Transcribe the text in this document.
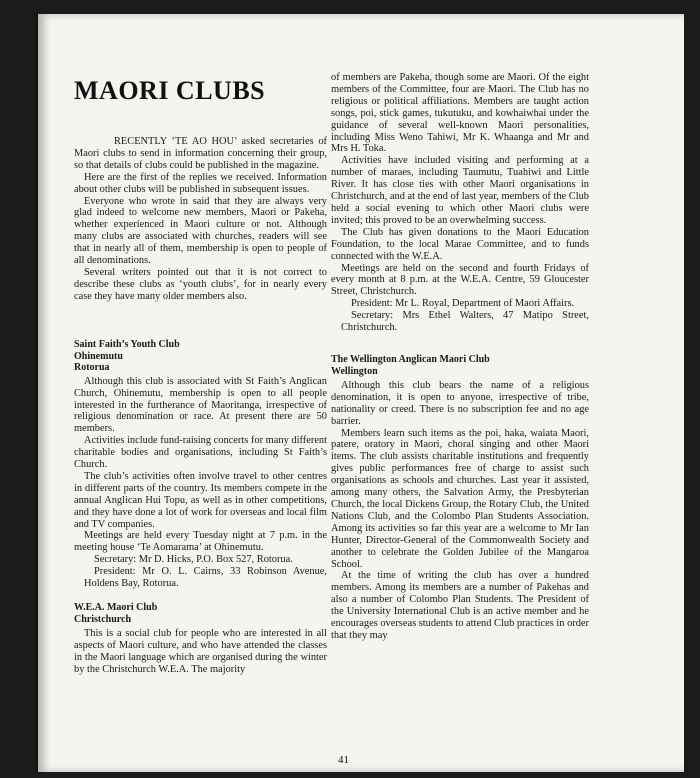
MAORI CLUBS

RECENTLY ‘TE AO HOU’ asked secretaries of Maori clubs to send in information concerning their group, so that details of clubs could be published in the magazine.

Here are the first of the replies we received. Information about other clubs will be published in subsequent issues.

Everyone who wrote in said that they are always very glad indeed to welcome new members, Maori or Pakeha, whether experienced in Maori culture or not. Although many clubs are associated with churches, readers will see that in nearly all of them, membership is open to people of all denominations.

Several writers pointed out that it is not correct to describe these clubs as ‘youth clubs’, for in nearly every case they have many older members also.

Saint Faith’s Youth Club
Ohinemutu
Rotorua

Although this club is associated with St Faith’s Anglican Church, Ohinemutu, membership is open to all people interested in the furtherance of Maoritanga, irrespective of religious denomination or race. At present there are 50 members.

Activities include fund-raising concerts for many different charitable bodies and organisations, including St Faith’s Church.

The club’s activities often involve travel to other centres in different parts of the country. Its members compete in the annual Anglican Hui Topu, as well as in other competitions, and they have done a lot of work for overseas and local film and TV companies.

Meetings are held every Tuesday night at 7 p.m. in the meeting house ‘Te Aomarama’ at Ohinemutu.

Secretary: Mr D. Hicks, P.O. Box 527, Rotorua.

President: Mr O. L. Cairns, 33 Robinson Avenue, Holdens Bay, Rotorua.

W.E.A. Maori Club
Christchurch

This is a social club for people who are interested in all aspects of Maori culture, and who have attended the classes in the Maori language which are organised during the winter by the Christchurch W.E.A. The majority

of members are Pakeha, though some are Maori. Of the eight members of the Committee, four are Maori. The Club has no religious or political affiliations. Members are taught action songs, poi, stick games, tukutuku, and kowhaiwhai under the guidance of several well-known Maori personalities, including Miss Weno Tahiwi, Mr K. Whaanga and Mr and Mrs H. Toka.

Activities have included visiting and performing at a number of maraes, including Taumutu, Tuahiwi and Little River. It has close ties with other Maori organisations in Christchurch, and at the end of last year, members of the Club held a social evening to which other Maori clubs were invited; this proved to be an overwhelming success.

The Club has given donations to the Maori Education Foundation, to the local Marae Committee, and to funds connected with the W.E.A.

Meetings are held on the second and fourth Fridays of every month at 8 p.m. at the W.E.A. Centre, 59 Gloucester Street, Christchurch.

President: Mr L. Royal, Department of Maori Affairs.

Secretary: Mrs Ethel Walters, 47 Matipo Street, Christchurch.

The Wellington Anglican Maori Club
Wellington

Although this club bears the name of a religious denomination, it is open to anyone, irrespective of tribe, nationality or creed. There is no subscription fee and no age barrier.

Members learn such items as the poi, haka, waiata Maori, patere, oratory in Maori, choral singing and other Maori items. The club assists charitable institutions and frequently gives public performances free of charge to assist such organisations as schools and churches. Last year it assisted, among many others, the Salvation Army, the Presbyterian Church, the local Dickens Group, the Rotary Club, the United Nations Club, and the Colombo Plan Students Association. Among its activities so far this year are a welcome to Mr Ian Hunter, Director-General of the Commonwealth Society and another to celebrate the Golden Jubilee of the Mangaroa School.

At the time of writing the club has over a hundred members. Among its members are a number of Pakehas and also a number of Colombo Plan Students. The President of the University International Club is an active member and he encourages overseas students to attend Club practices in order that they may

41
